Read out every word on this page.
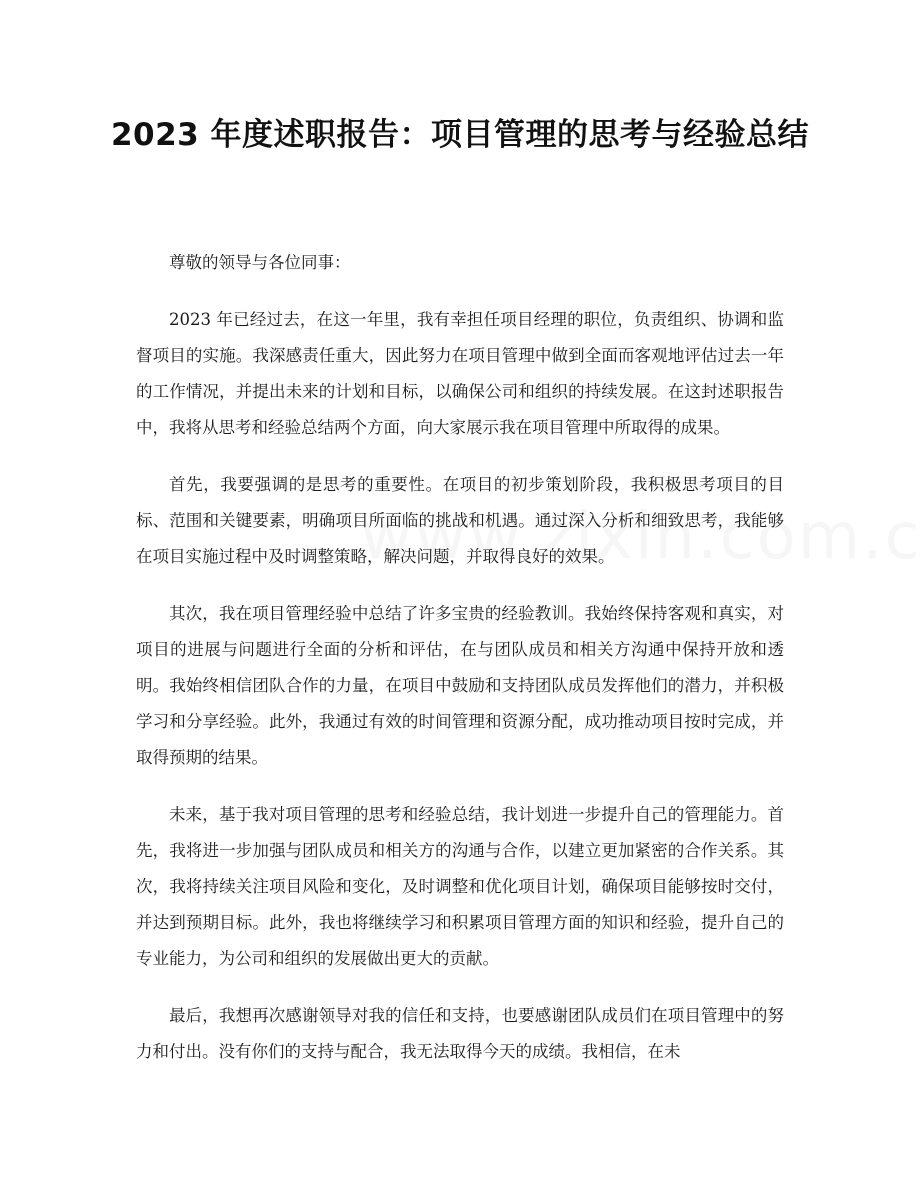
2023 年度述职报告：项目管理的思考与经验总结

尊敬的领导与各位同事：

2023 年已经过去，在这一年里，我有幸担任项目经理的职位，负责组织、协调和监督项目的实施。我深感责任重大，因此努力在项目管理中做到全面而客观地评估过去一年的工作情况，并提出未来的计划和目标，以确保公司和组织的持续发展。在这封述职报告中，我将从思考和经验总结两个方面，向大家展示我在项目管理中所取得的成果。

首先，我要强调的是思考的重要性。在项目的初步策划阶段，我积极思考项目的目标、范围和关键要素，明确项目所面临的挑战和机遇。通过深入分析和细致思考，我能够在项目实施过程中及时调整策略，解决问题，并取得良好的效果。

其次，我在项目管理经验中总结了许多宝贵的经验教训。我始终保持客观和真实，对项目的进展与问题进行全面的分析和评估，在与团队成员和相关方沟通中保持开放和透明。我始终相信团队合作的力量，在项目中鼓励和支持团队成员发挥他们的潜力，并积极学习和分享经验。此外，我通过有效的时间管理和资源分配，成功推动项目按时完成，并取得预期的结果。

未来，基于我对项目管理的思考和经验总结，我计划进一步提升自己的管理能力。首先，我将进一步加强与团队成员和相关方的沟通与合作，以建立更加紧密的合作关系。其次，我将持续关注项目风险和变化，及时调整和优化项目计划，确保项目能够按时交付，并达到预期目标。此外，我也将继续学习和积累项目管理方面的知识和经验，提升自己的专业能力，为公司和组织的发展做出更大的贡献。

最后，我想再次感谢领导对我的信任和支持，也要感谢团队成员们在项目管理中的努力和付出。没有你们的支持与配合，我无法取得今天的成绩。我相信，在未
